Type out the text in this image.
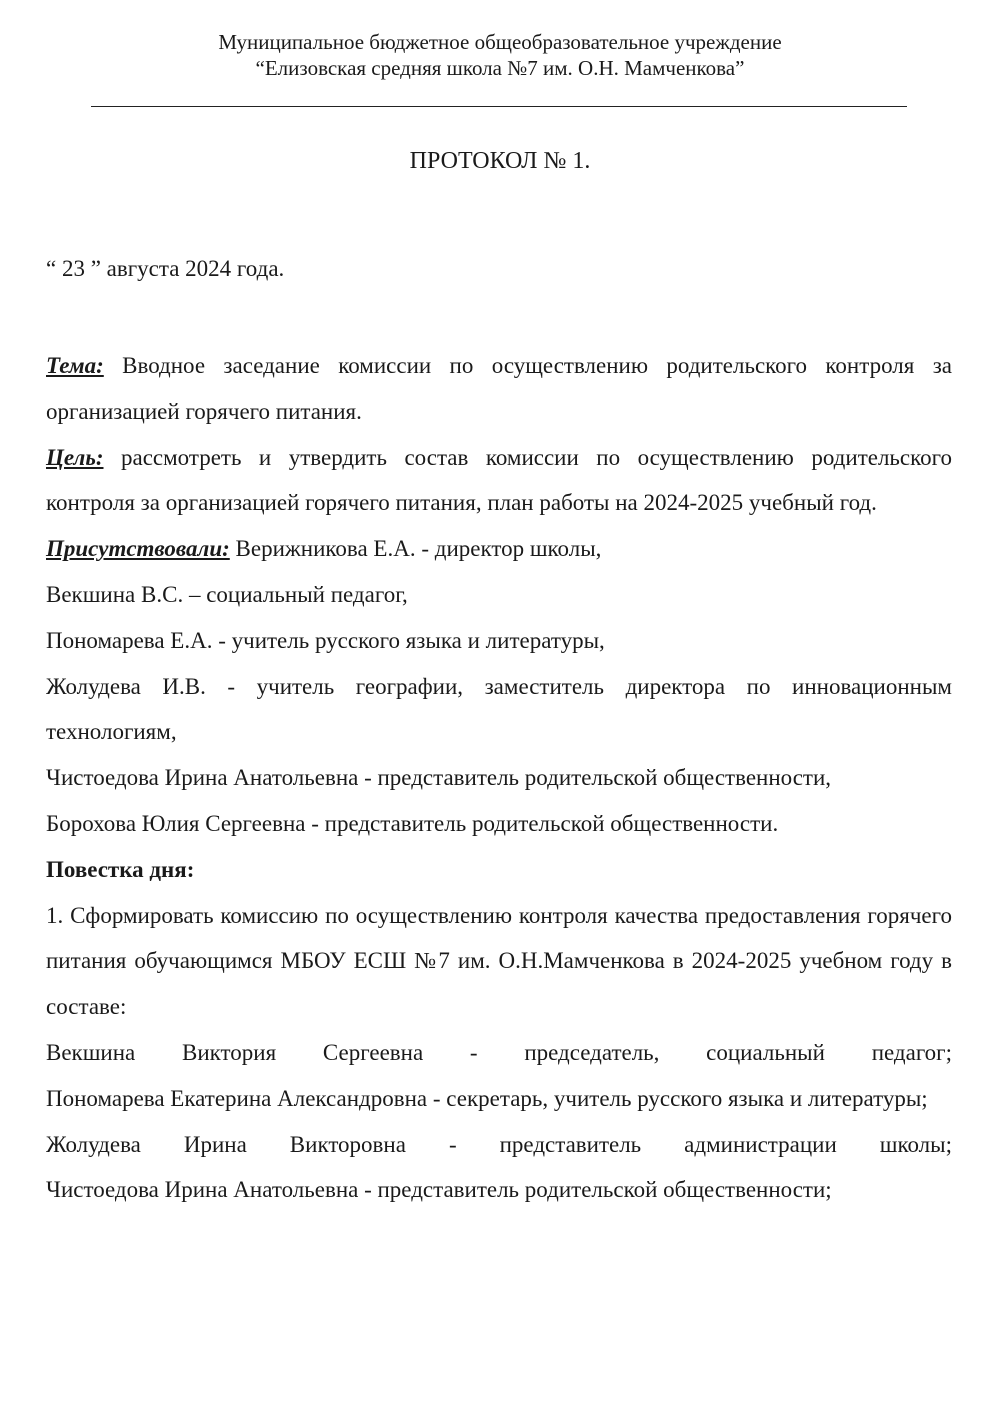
Муниципальное бюджетное общеобразовательное учреждение
“Елизовская средняя школа №7 им. О.Н. Мамченкова”
ПРОТОКОЛ № 1.
“ 23 ” августа 2024 года.

Тема: Вводное заседание комиссии по осуществлению родительского контроля за организацией горячего питания.

Цель: рассмотреть и утвердить состав комиссии по осуществлению родительского контроля за организацией горячего питания, план работы на 2024-2025 учебный год.

Присутствовали: Верижникова Е.А. - директор школы,

Векшина В.С. – социальный педагог,

Пономарева Е.А. - учитель русского языка и литературы,

Жолудева И.В. - учитель географии, заместитель директора по инновационным технологиям,

Чистоедова Ирина Анатольевна - представитель родительской общественности,

Борохова Юлия Сергеевна - представитель родительской общественности.

Повестка дня:

1. Сформировать комиссию по осуществлению контроля качества предоставления горячего питания обучающимся МБОУ ЕСШ №7 им. О.Н.Мамченкова в 2024-2025 учебном году в составе:

Векшина Виктория Сергеевна - председатель, социальный педагог;

Пономарева Екатерина Александровна - секретарь, учитель русского языка и литературы;

Жолудева Ирина Викторовна - представитель администрации школы;

Чистоедова Ирина Анатольевна - представитель родительской общественности;
